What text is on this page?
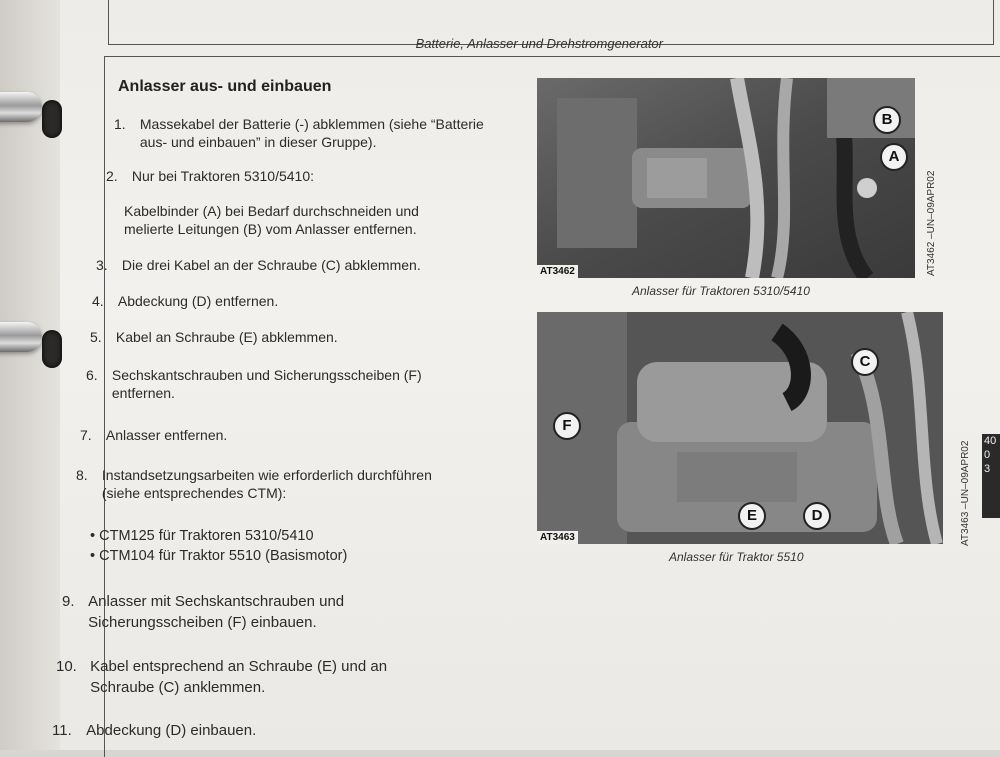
Batterie, Anlasser und Drehstromgenerator
Anlasser aus- und einbauen
1. Massekabel der Batterie (-) abklemmen (siehe “Batterie
aus- und einbauen” in dieser Gruppe).
2. Nur bei Traktoren 5310/5410:
Kabelbinder (A) bei Bedarf durchschneiden und
melierte Leitungen (B) vom Anlasser entfernen.
3. Die drei Kabel an der Schraube (C) abklemmen.
4. Abdeckung (D) entfernen.
5. Kabel an Schraube (E) abklemmen.
6. Sechskantschrauben und Sicherungsscheiben (F)
entfernen.
7. Anlasser entfernen.
8. Instandsetzungsarbeiten wie erforderlich durchführen
(siehe entsprechendes CTM):
• CTM125 für Traktoren 5310/5410
• CTM104 für Traktor 5510 (Basismotor)
9. Anlasser mit Sechskantschrauben und
Sicherungsscheiben (F) einbauen.
10. Kabel entsprechend an Schraube (E) und an
Schraube (C) anklemmen.
11. Abdeckung (D) einbauen.
B
A
AT3462
Anlasser für Traktoren 5310/5410
AT3462 –UN–09APR02
C
F
E	D
AT3463
Anlasser für Traktor 5510
AT3463 –UN–09APR02 40
0
3
